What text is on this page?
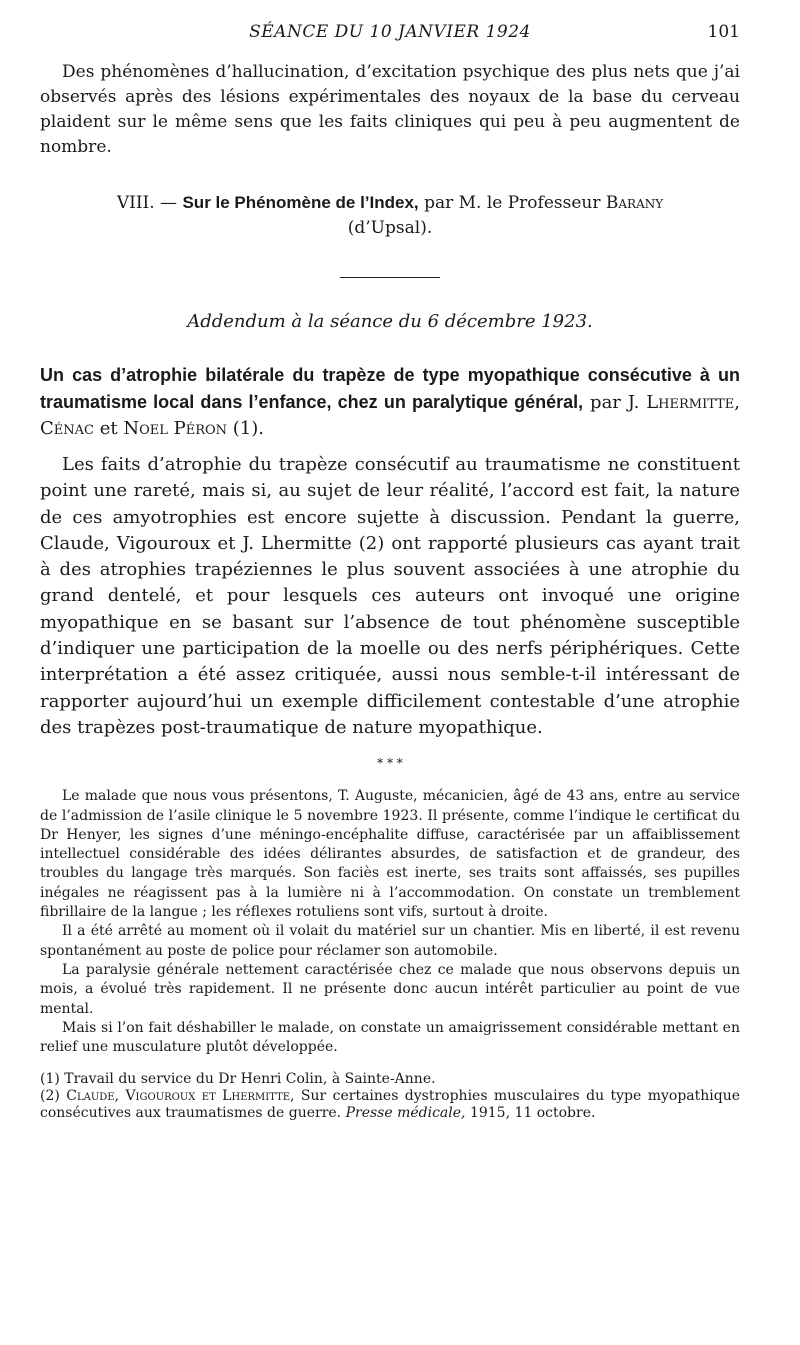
SÉANCE DU 10 JANVIER 1924	101

Des phénomènes d’hallucination, d’excitation psychique des plus nets que j’ai observés après des lésions expérimentales des noyaux de la base du cerveau plaident sur le même sens que les faits cliniques qui peu à peu augmentent de nombre.

VIII. — Sur le Phénomène de l’Index, par M. le Professeur Barany
(d’Upsal).
Addendum à la séance du 6 décembre 1923.
Un cas d’atrophie bilatérale du trapèze de type myopathique consécutive à un traumatisme local dans l’enfance, chez un paralytique général, par J. Lhermitte, Cénac et Noel Péron (1).

Les faits d’atrophie du trapèze consécutif au traumatisme ne constituent point une rareté, mais si, au sujet de leur réalité, l’accord est fait, la nature de ces amyotrophies est encore sujette à discussion. Pendant la guerre, Claude, Vigouroux et J. Lhermitte (2) ont rapporté plusieurs cas ayant trait à des atrophies trapéziennes le plus souvent associées à une atrophie du grand dentelé, et pour lesquels ces auteurs ont invoqué une origine myopathique en se basant sur l’absence de tout phénomène susceptible d’indiquer une participation de la moelle ou des nerfs périphériques. Cette interprétation a été assez critiquée, aussi nous semble-t-il intéressant de rapporter aujourd’hui un exemple difficilement contestable d’une atrophie des trapèzes post-traumatique de nature myopathique.

* * *

Le malade que nous vous présentons, T. Auguste, mécanicien, âgé de 43 ans, entre au service de l’admission de l’asile clinique le 5 novembre 1923. Il présente, comme l’indique le certificat du Dr Henyer, les signes d’une méningo-encéphalite diffuse, caractérisée par un affaiblissement intellectuel considérable des idées délirantes absurdes, de satisfaction et de grandeur, des troubles du langage très marqués. Son faciès est inerte, ses traits sont affaissés, ses pupilles inégales ne réagissent pas à la lumière ni à l’accommodation. On constate un tremblement fibrillaire de la langue ; les réflexes rotuliens sont vifs, surtout à droite.

Il a été arrêté au moment où il volait du matériel sur un chantier. Mis en liberté, il est revenu spontanément au poste de police pour réclamer son automobile.

La paralysie générale nettement caractérisée chez ce malade que nous observons depuis un mois, a évolué très rapidement. Il ne présente donc aucun intérêt particulier au point de vue mental.

Mais si l’on fait déshabiller le malade, on constate un amaigrissement considérable mettant en relief une musculature plutôt développée.

(1) Travail du service du Dr Henri Colin, à Sainte-Anne.

(2) Claude, Vigouroux et Lhermitte, Sur certaines dystrophies musculaires du type myopathique consécutives aux traumatismes de guerre. Presse médicale, 1915, 11 octobre.
